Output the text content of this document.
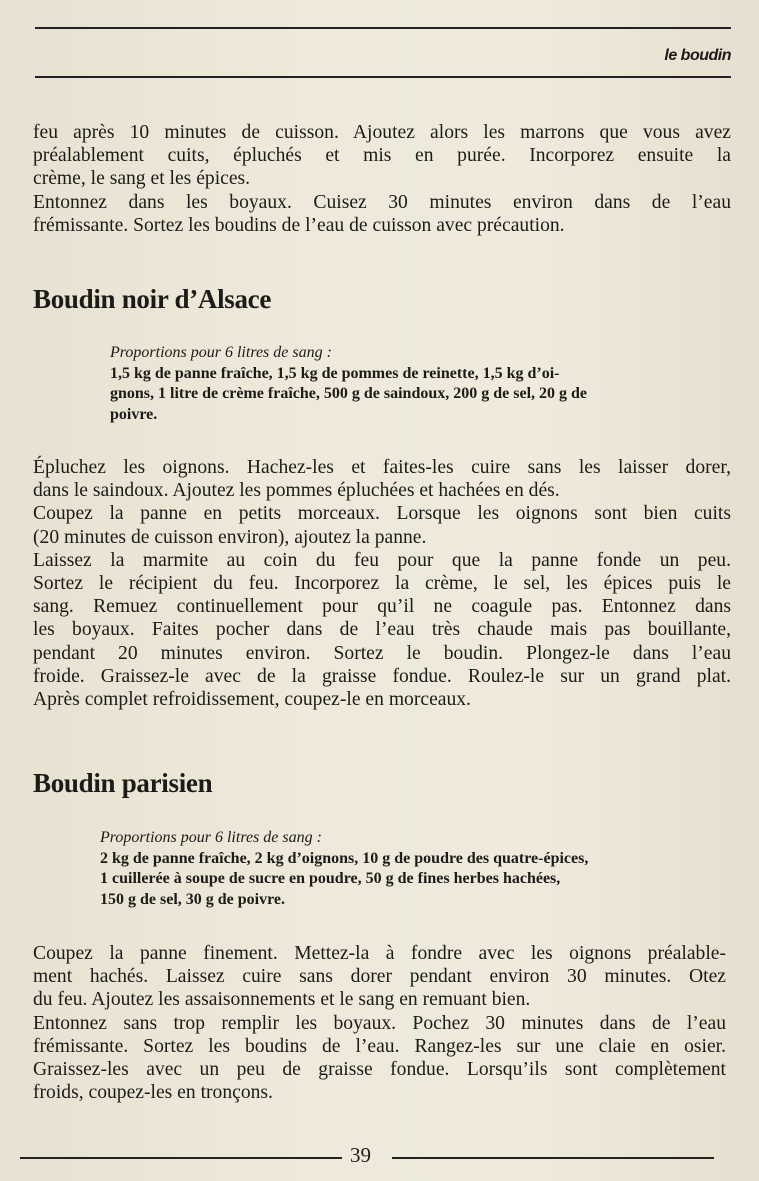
le boudin
feu après 10 minutes de cuisson. Ajoutez alors les marrons que vous avez
préalablement cuits, épluchés et mis en purée. Incorporez ensuite la
crème, le sang et les épices.
Entonnez dans les boyaux. Cuisez 30 minutes environ dans de l’eau
frémissante. Sortez les boudins de l’eau de cuisson avec précaution.
Boudin noir d’Alsace
Proportions pour 6 litres de sang :
1,5 kg de panne fraîche, 1,5 kg de pommes de reinette, 1,5 kg d’oi-
gnons, 1 litre de crème fraîche, 500 g de saindoux, 200 g de sel, 20 g de
poivre.
Épluchez les oignons. Hachez-les et faites-les cuire sans les laisser dorer,
dans le saindoux. Ajoutez les pommes épluchées et hachées en dés.
Coupez la panne en petits morceaux. Lorsque les oignons sont bien cuits
(20 minutes de cuisson environ), ajoutez la panne.
Laissez la marmite au coin du feu pour que la panne fonde un peu.
Sortez le récipient du feu. Incorporez la crème, le sel, les épices puis le
sang. Remuez continuellement pour qu’il ne coagule pas. Entonnez dans
les boyaux. Faites pocher dans de l’eau très chaude mais pas bouillante,
pendant 20 minutes environ. Sortez le boudin. Plongez-le dans l’eau
froide. Graissez-le avec de la graisse fondue. Roulez-le sur un grand plat.
Après complet refroidissement, coupez-le en morceaux.
Boudin parisien
Proportions pour 6 litres de sang :
2 kg de panne fraîche, 2 kg d’oignons, 10 g de poudre des quatre-épices,
1 cuillerée à soupe de sucre en poudre, 50 g de fines herbes hachées,
150 g de sel, 30 g de poivre.
Coupez la panne finement. Mettez-la à fondre avec les oignons préalable-
ment hachés. Laissez cuire sans dorer pendant environ 30 minutes. Otez
du feu. Ajoutez les assaisonnements et le sang en remuant bien.
Entonnez sans trop remplir les boyaux. Pochez 30 minutes dans de l’eau
frémissante. Sortez les boudins de l’eau. Rangez-les sur une claie en osier.
Graissez-les avec un peu de graisse fondue. Lorsqu’ils sont complètement
froids, coupez-les en tronçons.
39
